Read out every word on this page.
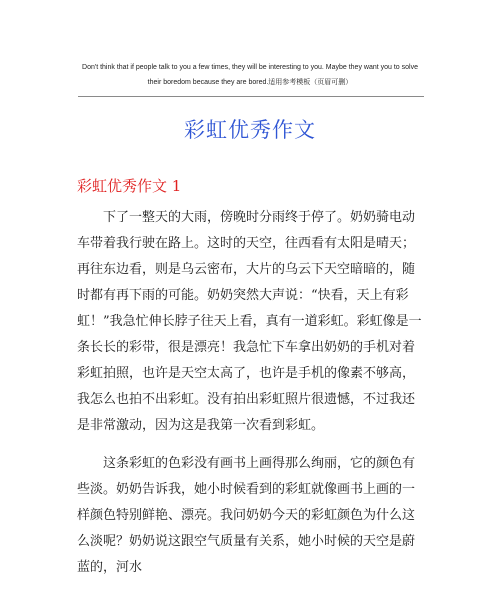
Don't think that if people talk to you a few times, they will be interesting to you. Maybe they want you to solve
their boredom because they are bored.适用参考模板（页眉可删）
彩虹优秀作文
彩虹优秀作文 1

下了一整天的大雨，傍晚时分雨终于停了。奶奶骑电动车带着我行驶在路上。这时的天空，往西看有太阳是晴天；再往东边看，则是乌云密布，大片的乌云下天空暗暗的，随时都有再下雨的可能。奶奶突然大声说：“快看，天上有彩虹！”我急忙伸长脖子往天上看，真有一道彩虹。彩虹像是一条长长的彩带，很是漂亮！我急忙下车拿出奶奶的手机对着彩虹拍照，也许是天空太高了，也许是手机的像素不够高，我怎么也拍不出彩虹。没有拍出彩虹照片很遗憾，不过我还是非常激动，因为这是我第一次看到彩虹。

这条彩虹的色彩没有画书上画得那么绚丽，它的颜色有些淡。奶奶告诉我，她小时候看到的彩虹就像画书上画的一样颜色特别鲜艳、漂亮。我问奶奶今天的彩虹颜色为什么这么淡呢？奶奶说这跟空气质量有关系，她小时候的天空是蔚蓝的，河水
